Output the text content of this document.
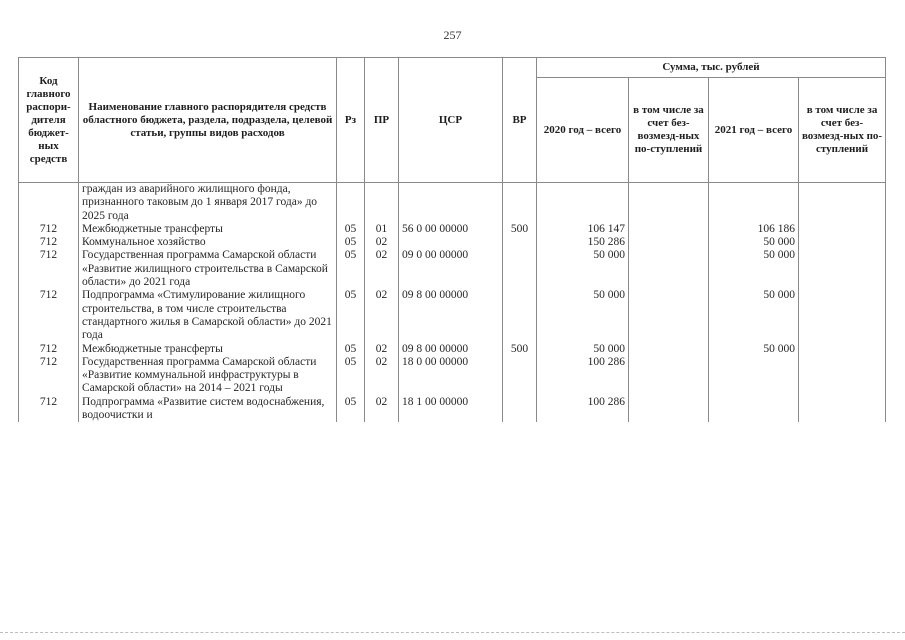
257
Код главного распори-дителя бюджет-ных средств	Наименование главного распорядителя средств областного бюджета, раздела, подраздела, целевой статьи, группы видов расходов	Рз	ПР	ЦСР	ВР	Сумма, тыс. рублей			
						2020 год – всего	в том числе за счет без-возмезд-ных по-ступлений	2021 год – всего	в том числе за счет без-возмезд-ных по-ступлений
	граждан из аварийного жилищного фонда, признанного таковым до 1 января 2017 года» до 2025 года								
712	Межбюджетные трансферты	05	01	56 0 00 00000	500	106 147		106 186	
712	Коммунальное хозяйство	05	02			150 286		50 000	
712	Государственная программа Самарской области «Развитие жилищного строительства в Самарской области» до 2021 года	05	02	09 0 00 00000		50 000		50 000	
712	Подпрограмма «Стимулирование жилищного строительства, в том числе строительства стандартного жилья в Самарской области» до 2021 года	05	02	09 8 00 00000		50 000		50 000	
712	Межбюджетные трансферты	05	02	09 8 00 00000	500	50 000		50 000	
712	Государственная программа Самарской области «Развитие коммунальной инфраструктуры в Самарской области» на 2014 – 2021 годы	05	02	18 0 00 00000		100 286			
712	Подпрограмма «Развитие систем водоснабжения, водоочистки и	05	02	18 1 00 00000		100 286			
